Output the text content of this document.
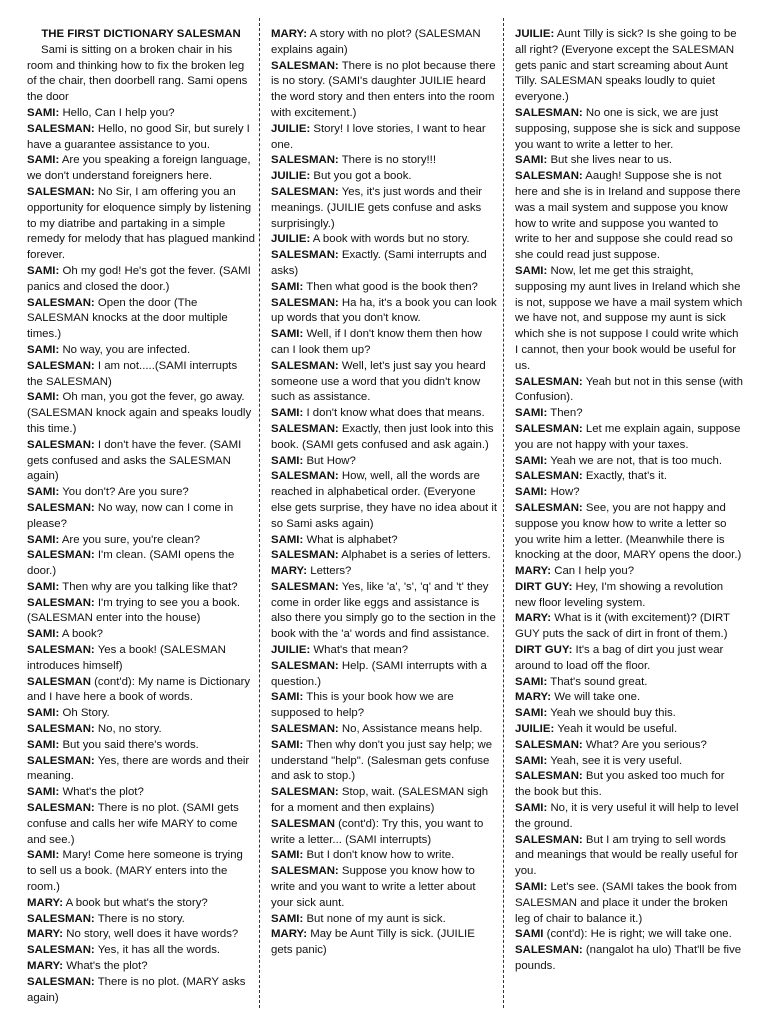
THE FIRST DICTIONARY SALESMAN

Sami is sitting on a broken chair in his room and thinking how to fix the broken leg of the chair, then doorbell rang. Sami opens the door

SAMI: Hello, Can I help you?

SALESMAN: Hello, no good Sir, but surely I have a guarantee assistance to you.

SAMI: Are you speaking a foreign language, we don't understand foreigners here.

SALESMAN: No Sir, I am offering you an opportunity for eloquence simply by listening to my diatribe and partaking in a simple remedy for melody that has plagued mankind forever.

SAMI: Oh my god! He's got the fever. (SAMI panics and closed the door.)

SALESMAN: Open the door (The SALESMAN knocks at the door multiple times.)

SAMI: No way, you are infected.

SALESMAN: I am not.....(SAMI interrupts the SALESMAN)

SAMI: Oh man, you got the fever, go away. (SALESMAN knock again and speaks loudly this time.)

SALESMAN: I don't have the fever. (SAMI gets confused and asks the SALESMAN again)

SAMI: You don't? Are you sure?

SALESMAN: No way, now can I come in please?

SAMI: Are you sure, you're clean?

SALESMAN: I'm clean. (SAMI opens the door.)

SAMI: Then why are you talking like that?

SALESMAN: I'm trying to see you a book. (SALESMAN enter into the house)

SAMI: A book?

SALESMAN: Yes a book! (SALESMAN introduces himself)

SALESMAN (cont'd): My name is Dictionary and I have here a book of words.

SAMI: Oh Story.

SALESMAN: No, no story.

SAMI: But you said there's words.

SALESMAN: Yes, there are words and their meaning.

SAMI: What's the plot?

SALESMAN: There is no plot. (SAMI gets confuse and calls her wife MARY to come and see.)

SAMI: Mary! Come here someone is trying to sell us a book. (MARY enters into the room.)

MARY: A book but what's the story?

SALESMAN: There is no story.

MARY: No story, well does it have words?

SALESMAN: Yes, it has all the words.

MARY: What's the plot?

SALESMAN: There is no plot. (MARY asks again)

MARY: A story with no plot? (SALESMAN explains again)

SALESMAN: There is no plot because there is no story. (SAMI's daughter JUILIE heard the word story and then enters into the room with excitement.)

JUILIE: Story! I love stories, I want to hear one.

SALESMAN: There is no story!!!

JUILIE: But you got a book.

SALESMAN: Yes, it's just words and their meanings. (JUILIE gets confuse and asks surprisingly.)

JUILIE: A book with words but no story.

SALESMAN: Exactly. (Sami interrupts and asks)

SAMI: Then what good is the book then?

SALESMAN: Ha ha, it's a book you can look up words that you don't know.

SAMI: Well, if I don't know them then how can I look them up?

SALESMAN: Well, let's just say you heard someone use a word that you didn't know such as assistance.

SAMI: I don't know what does that means.

SALESMAN: Exactly, then just look into this book. (SAMI gets confused and ask again.)

SAMI: But How?

SALESMAN: How, well, all the words are reached in alphabetical order. (Everyone else gets surprise, they have no idea about it so Sami asks again)

SAMI: What is alphabet?

SALESMAN: Alphabet is a series of letters.

MARY: Letters?

SALESMAN: Yes, like 'a', 's', 'q' and 't' they come in order like eggs and assistance is also there you simply go to the section in the book with the 'a' words and find assistance.

JUILIE: What's that mean?

SALESMAN: Help. (SAMI interrupts with a question.)

SAMI: This is your book how we are supposed to help?

SALESMAN: No, Assistance means help.

SAMI: Then why don't you just say help; we understand "help". (Salesman gets confuse and ask to stop.)

SALESMAN: Stop, wait. (SALESMAN sigh for a moment and then explains)

SALESMAN (cont'd): Try this, you want to write a letter... (SAMI interrupts)

SAMI: But I don't know how to write.

SALESMAN: Suppose you know how to write and you want to write a letter about your sick aunt.

SAMI: But none of my aunt is sick.

MARY: May be Aunt Tilly is sick. (JUILIE gets panic)

JUILIE: Aunt Tilly is sick? Is she going to be all right? (Everyone except the SALESMAN gets panic and start screaming about Aunt Tilly. SALESMAN speaks loudly to quiet everyone.)

SALESMAN: No one is sick, we are just supposing, suppose she is sick and suppose you want to write a letter to her.

SAMI: But she lives near to us.

SALESMAN: Aaugh! Suppose she is not here and she is in Ireland and suppose there was a mail system and suppose you know how to write and suppose you wanted to write to her and suppose she could read so she could read just suppose.

SAMI: Now, let me get this straight, supposing my aunt lives in Ireland which she is not, suppose we have a mail system which we have not, and suppose my aunt is sick which she is not suppose I could write which I cannot, then your book would be useful for us.

SALESMAN: Yeah but not in this sense (with Confusion).

SAMI: Then?

SALESMAN: Let me explain again, suppose you are not happy with your taxes.

SAMI: Yeah we are not, that is too much.

SALESMAN: Exactly, that's it.

SAMI: How?

SALESMAN: See, you are not happy and suppose you know how to write a letter so you write him a letter. (Meanwhile there is knocking at the door, MARY opens the door.)

MARY: Can I help you?

DIRT GUY: Hey, I'm showing a revolution new floor leveling system.

MARY: What is it (with excitement)? (DIRT GUY puts the sack of dirt in front of them.)

DIRT GUY: It's a bag of dirt you just wear around to load off the floor.

SAMI: That's sound great.

MARY: We will take one.

SAMI: Yeah we should buy this.

JUILIE: Yeah it would be useful.

SALESMAN: What? Are you serious?

SAMI: Yeah, see it is very useful.

SALESMAN: But you asked too much for the book but this.

SAMI: No, it is very useful it will help to level the ground.

SALESMAN: But I am trying to sell words and meanings that would be really useful for you.

SAMI: Let's see. (SAMI takes the book from SALESMAN and place it under the broken leg of chair to balance it.)

SAMI (cont'd): He is right; we will take one.

SALESMAN: (nangalot ha ulo) That'll be five pounds.
